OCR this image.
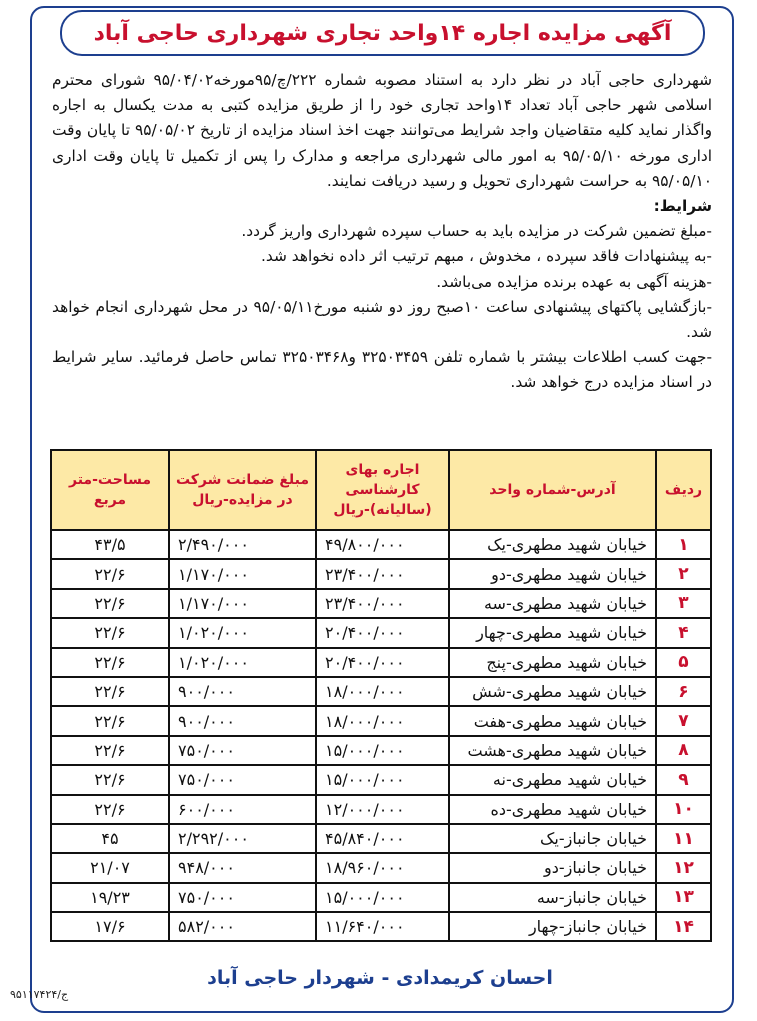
آگهی مزایده اجاره ۱۴واحد تجاری شهرداری حاجی آباد

شهرداری حاجی آباد در نظر دارد به استناد مصوبه شماره ۲۲۲/چ/۹۵مورخه۹۵/۰۴/۰۲ شورای محترم اسلامی شهر حاجی آباد تعداد ۱۴واحد تجاری خود را از طریق مزایده کتبی به مدت یکسال به اجاره واگذار نماید کلیه متقاضیان واجد شرایط می‌توانند جهت اخذ اسناد مزایده از تاریخ ۹۵/۰۵/۰۲ تا پایان وقت اداری مورخه ۹۵/۰۵/۱۰ به امور مالی شهرداری مراجعه و مدارک را پس از تکمیل تا پایان وقت اداری ۹۵/۰۵/۱۰ به حراست شهرداری تحویل و رسید دریافت نمایند.

شرایط:

-مبلغ تضمین شرکت در مزایده باید به حساب سپرده شهرداری واریز گردد.

-به پیشنهادات فاقد سپرده ، مخدوش ، مبهم ترتیب اثر داده نخواهد شد.

-هزینه آگهی به عهده برنده مزایده می‌باشد.

-بازگشایی پاکتهای پیشنهادی ساعت ۱۰صبح روز دو شنبه مورخ۹۵/۰۵/۱۱ در محل شهرداری انجام خواهد شد.

-جهت کسب اطلاعات بیشتر با شماره تلفن ۳۲۵۰۳۴۵۹ و۳۲۵۰۳۴۶۸ تماس حاصل فرمائید. سایر شرایط در اسناد مزایده درج خواهد شد.

ردیف	آدرس-شماره واحد	اجاره بهای کارشناسی (سالیانه)-ریال	مبلغ ضمانت شرکت در مزایده-ریال	مساحت-متر مربع
۱	خیابان شهید مطهری-یک	۴۹/۸۰۰/۰۰۰	۲/۴۹۰/۰۰۰	۴۳/۵
۲	خیابان شهید مطهری-دو	۲۳/۴۰۰/۰۰۰	۱/۱۷۰/۰۰۰	۲۲/۶
۳	خیابان شهید مطهری-سه	۲۳/۴۰۰/۰۰۰	۱/۱۷۰/۰۰۰	۲۲/۶
۴	خیابان شهید مطهری-چهار	۲۰/۴۰۰/۰۰۰	۱/۰۲۰/۰۰۰	۲۲/۶
۵	خیابان شهید مطهری-پنج	۲۰/۴۰۰/۰۰۰	۱/۰۲۰/۰۰۰	۲۲/۶
۶	خیابان شهید مطهری-شش	۱۸/۰۰۰/۰۰۰	۹۰۰/۰۰۰	۲۲/۶
۷	خیابان شهید مطهری-هفت	۱۸/۰۰۰/۰۰۰	۹۰۰/۰۰۰	۲۲/۶
۸	خیابان شهید مطهری-هشت	۱۵/۰۰۰/۰۰۰	۷۵۰/۰۰۰	۲۲/۶
۹	خیابان شهید مطهری-نه	۱۵/۰۰۰/۰۰۰	۷۵۰/۰۰۰	۲۲/۶
۱۰	خیابان شهید مطهری-ده	۱۲/۰۰۰/۰۰۰	۶۰۰/۰۰۰	۲۲/۶
۱۱	خیابان جانباز-یک	۴۵/۸۴۰/۰۰۰	۲/۲۹۲/۰۰۰	۴۵
۱۲	خیابان جانباز-دو	۱۸/۹۶۰/۰۰۰	۹۴۸/۰۰۰	۲۱/۰۷
۱۳	خیابان جانباز-سه	۱۵/۰۰۰/۰۰۰	۷۵۰/۰۰۰	۱۹/۲۳
۱۴	خیابان جانباز-چهار	۱۱/۶۴۰/۰۰۰	۵۸۲/۰۰۰	۱۷/۶
احسان کریمدادی - شهردار حاجی آباد
ج/۹۵۱۱۷۴۲۴
